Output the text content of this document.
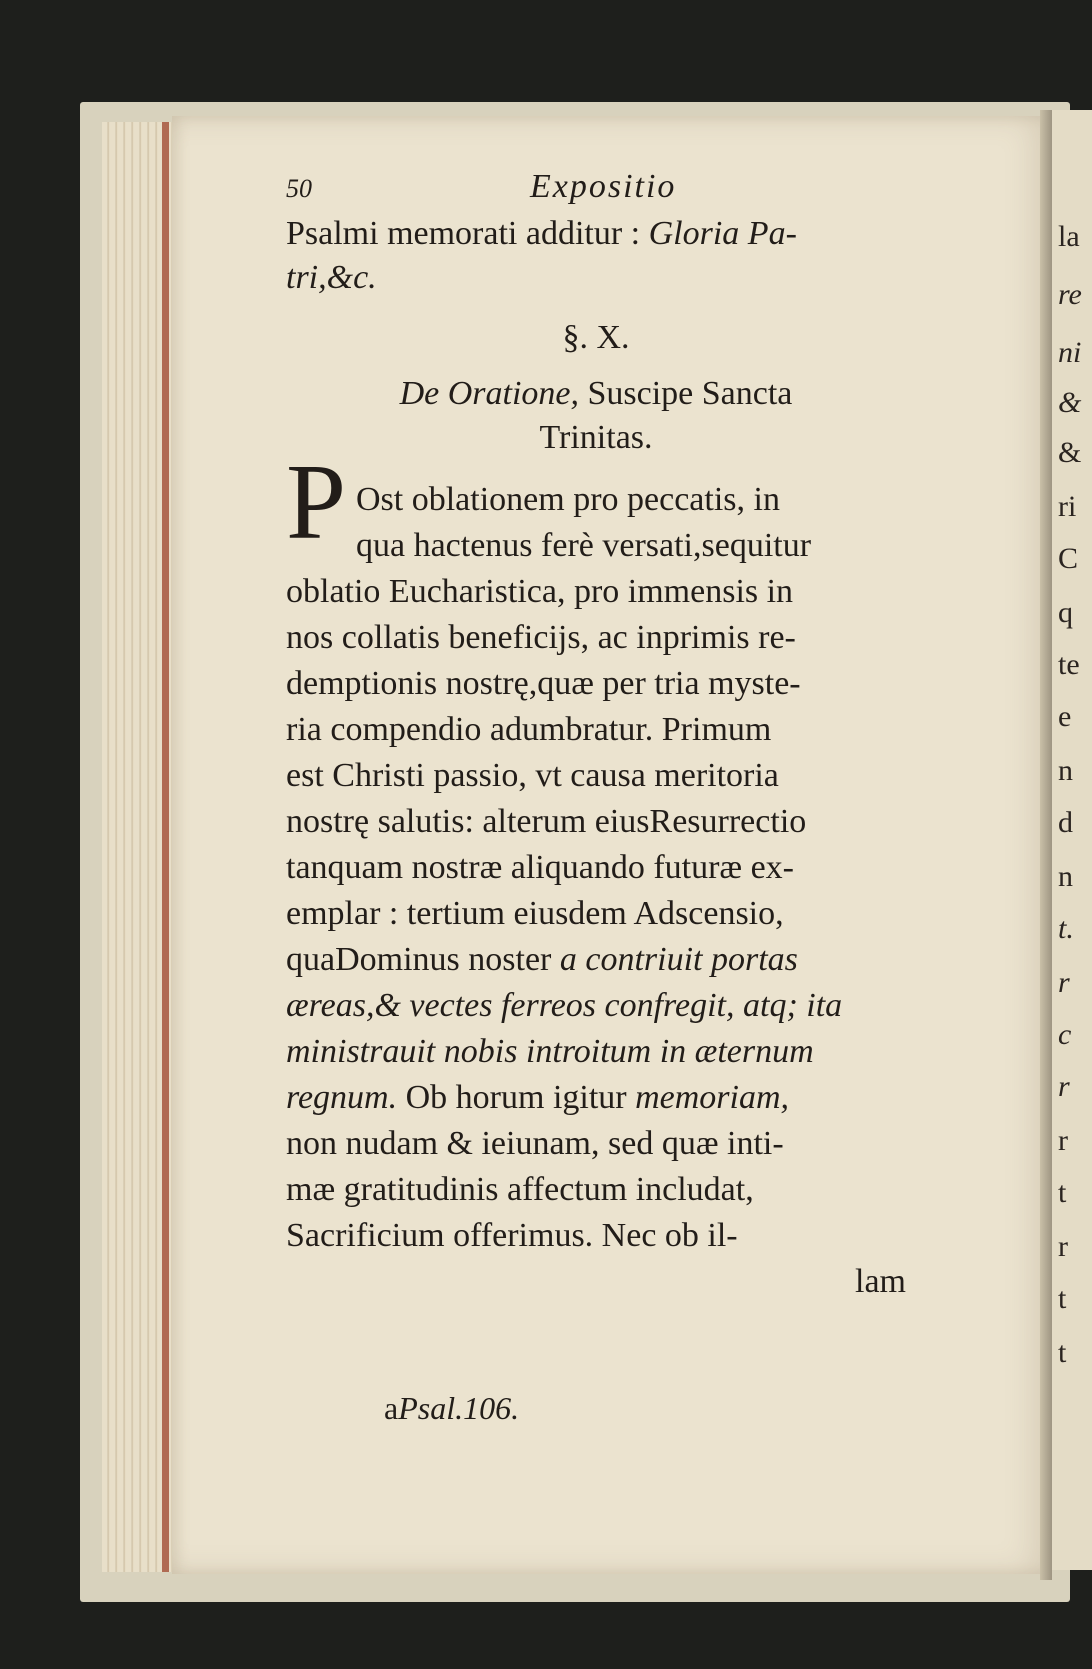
la
re
ni
&
&
ri
C
q
te
e
n
d
n
t.
r
c
r
r
t
r
t
t
50	Expositio
Psalmi memorati additur : Gloria Pa-
tri,&c.
§. X.
De Oratione, Suscipe Sancta
Trinitas.
P Ost oblationem pro peccatis, in
qua hactenus ferè versati,sequitur
oblatio Eucharistica, pro immensis in
nos collatis beneficijs, ac inprimis re-
demptionis nostrę,quæ per tria myste-
ria compendio adumbratur. Primum
est Christi passio, vt causa meritoria
nostrę salutis: alterum eiusResurrectio
tanquam nostræ aliquando futuræ ex-
emplar : tertium eiusdem Adscensio,
quaDominus noster a contriuit portas
æreas,& vectes ferreos confregit, atq; ita
ministrauit nobis introitum in æternum
regnum. Ob horum igitur memoriam,
non nudam & ieiunam, sed quæ inti-
mæ gratitudinis affectum includat,
Sacrificium offerimus. Nec ob il-
lam
aPsal.106.
